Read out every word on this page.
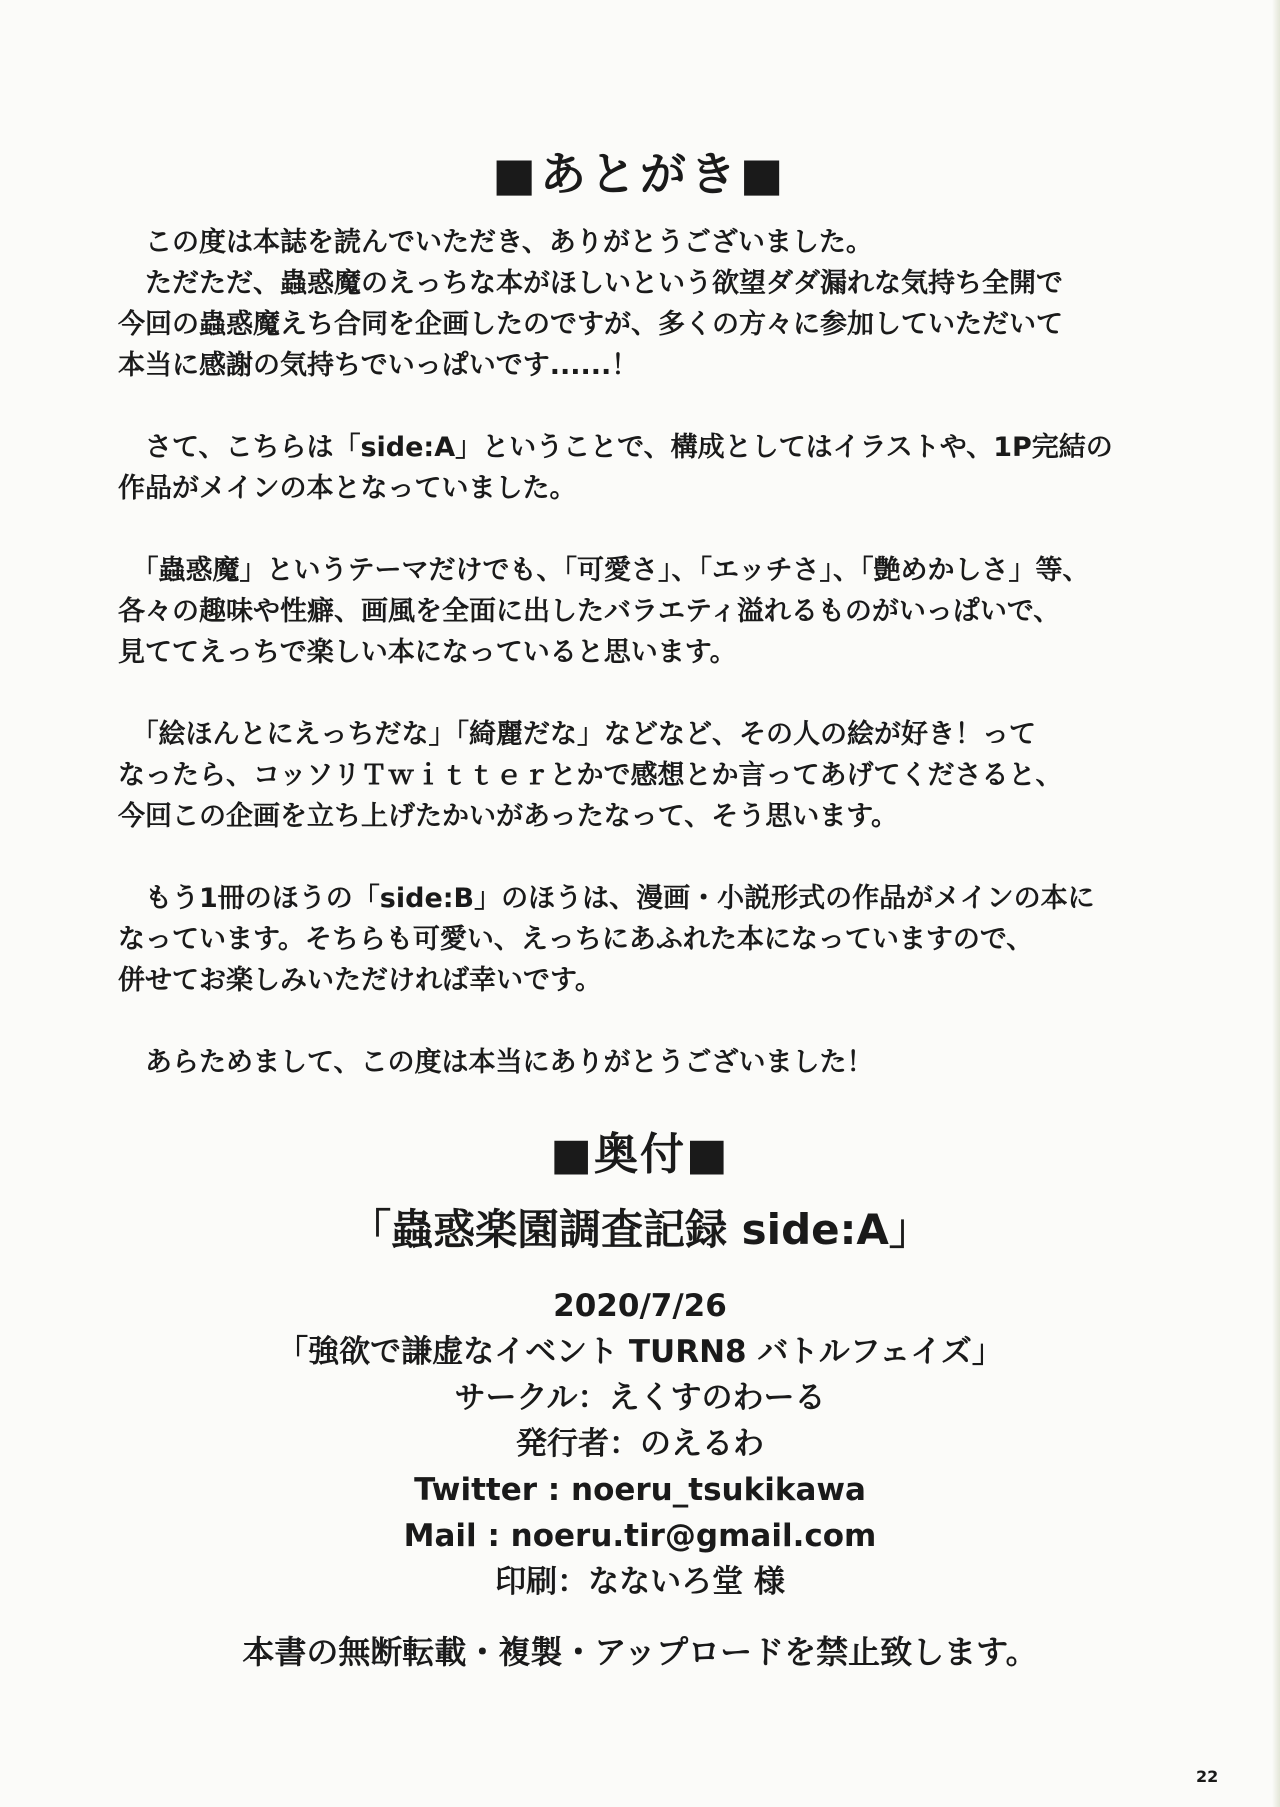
■あとがき■

　この度は本誌を読んでいただき、ありがとうございました。
　ただただ、蟲惑魔のえっちな本がほしいという欲望ダダ漏れな気持ち全開で
今回の蟲惑魔えち合同を企画したのですが、多くの方々に参加していただいて
本当に感謝の気持ちでいっぱいです......！

　さて、こちらは「side:A」ということで、構成としてはイラストや、1P完結の
作品がメインの本となっていました。

　「蟲惑魔」というテーマだけでも、「可愛さ」、「エッチさ」、「艶めかしさ」等、
各々の趣味や性癖、画風を全面に出したバラエティ溢れるものがいっぱいで、
見ててえっちで楽しい本になっていると思います。

　「絵ほんとにえっちだな」「綺麗だな」などなど、その人の絵が好き！って
なったら、コッソリＴｗｉｔｔｅｒとかで感想とか言ってあげてくださると、
今回この企画を立ち上げたかいがあったなって、そう思います。

　もう1冊のほうの「side:B」のほうは、漫画・小説形式の作品がメインの本に
なっています。そちらも可愛い、えっちにあふれた本になっていますので、
併せてお楽しみいただければ幸いです。

　あらためまして、この度は本当にありがとうございました！

■奥付■
「蟲惑楽園調査記録 side:A」
2020/7/26
「強欲で謙虚なイベント TURN8 バトルフェイズ」
サークル：えくすのわーる
発行者：のえるわ
Twitter : noeru_tsukikawa
Mail : noeru.tir@gmail.com
印刷：なないろ堂 様
本書の無断転載・複製・アップロードを禁止致します。
22
